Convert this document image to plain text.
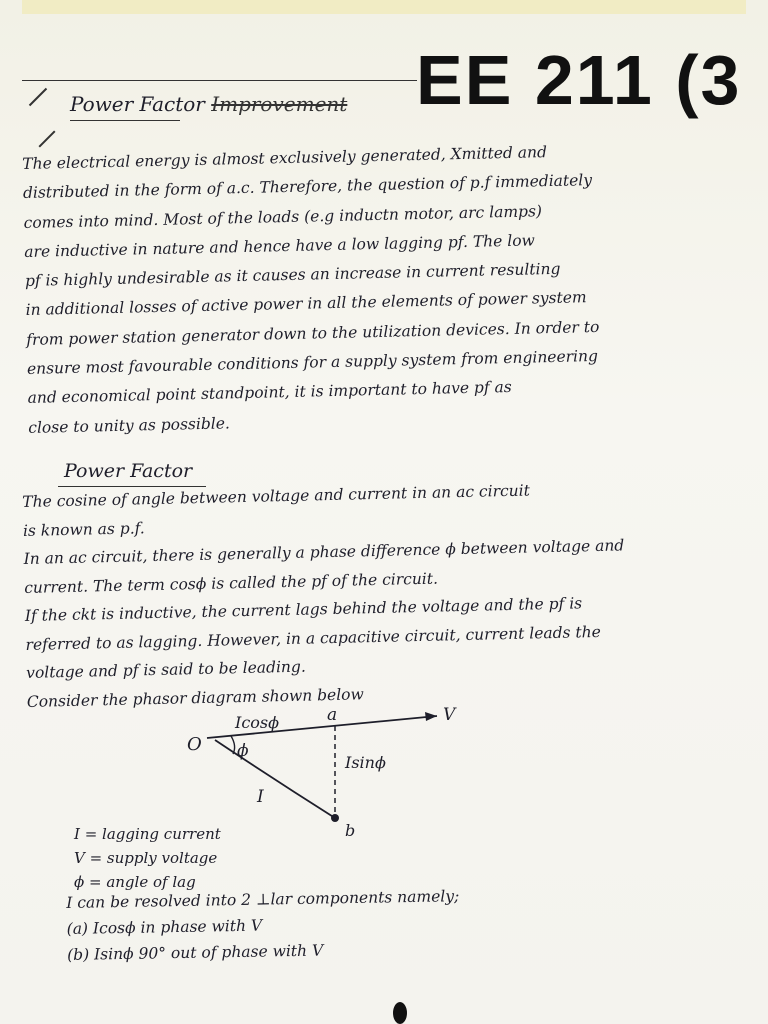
EE 211 (3
Power Factor Improvement
The electrical energy is almost exclusively generated, Xmitted and
distributed in the form of a.c. Therefore, the question of p.f immediately
comes into mind. Most of the loads (e.g inductn motor, arc lamps)
are inductive in nature and hence have a low lagging pf. The low
pf is highly undesirable as it causes an increase in current resulting
in additional losses of active power in all the elements of power system
from power station generator down to the utilization devices. In order to
ensure most favourable conditions for a supply system from engineering
and economical point standpoint, it is important to have pf as
close to unity as possible.
Power Factor
The cosine of angle between voltage and current in an ac circuit
is known as p.f.
In an ac circuit, there is generally a phase difference ϕ between voltage and
current. The term cosϕ is called the pf of the circuit.
If the ckt is inductive, the current lags behind the voltage and the pf is
referred to as lagging. However, in a capacitive circuit, current leads the
voltage and pf is said to be leading.
Consider the phasor diagram shown below
O ϕ
I
Icosϕ	a	V
Isinϕ
b
I = lagging current
V = supply voltage
ϕ = angle of lag
I can be resolved into 2 ⊥lar components namely;
(a) Icosϕ in phase with V
(b) Isinϕ 90° out of phase with V
